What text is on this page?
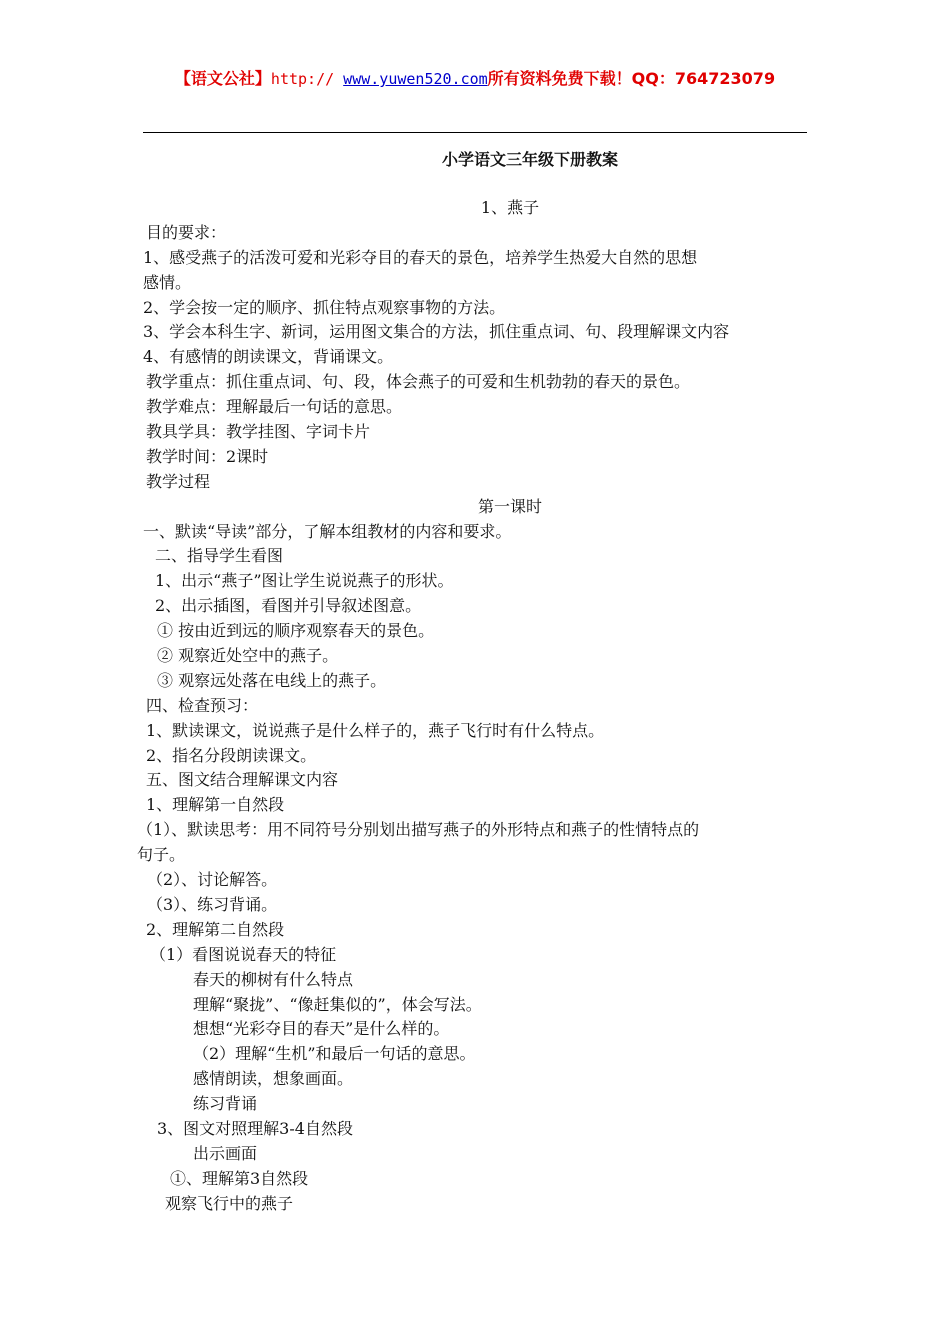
【语文公社】http:// www.yuwen520.com所有资料免费下载！QQ：764723079
小学语文三年级下册教案
1、燕子
目的要求：
1、感受燕子的活泼可爱和光彩夺目的春天的景色，培养学生热爱大自然的思想
感情。
2、学会按一定的顺序、抓住特点观察事物的方法。
3、学会本科生字、新词，运用图文集合的方法，抓住重点词、句、段理解课文内容
4、有感情的朗读课文，背诵课文。
教学重点：抓住重点词、句、段，体会燕子的可爱和生机勃勃的春天的景色。
教学难点：理解最后一句话的意思。
教具学具：教学挂图、字词卡片
教学时间：2课时
教学过程
第一课时
一、默读“导读”部分，了解本组教材的内容和要求。
二、指导学生看图
1、出示“燕子”图让学生说说燕子的形状。
2、出示插图，看图并引导叙述图意。
① 按由近到远的顺序观察春天的景色。
② 观察近处空中的燕子。
③ 观察远处落在电线上的燕子。
四、检查预习：
1、默读课文，说说燕子是什么样子的，燕子飞行时有什么特点。
2、指名分段朗读课文。
五、图文结合理解课文内容
1、理解第一自然段
（1）、默读思考：用不同符号分别划出描写燕子的外形特点和燕子的性情特点的
句子。
（2）、讨论解答。
（3）、练习背诵。
2、理解第二自然段
（1）看图说说春天的特征
春天的柳树有什么特点
理解“聚拢”、“像赶集似的”，体会写法。
想想“光彩夺目的春天”是什么样的。
（2）理解“生机”和最后一句话的意思。
感情朗读，想象画面。
练习背诵
3、图文对照理解3-4自然段
出示画面
①、理解第3自然段
观察飞行中的燕子
